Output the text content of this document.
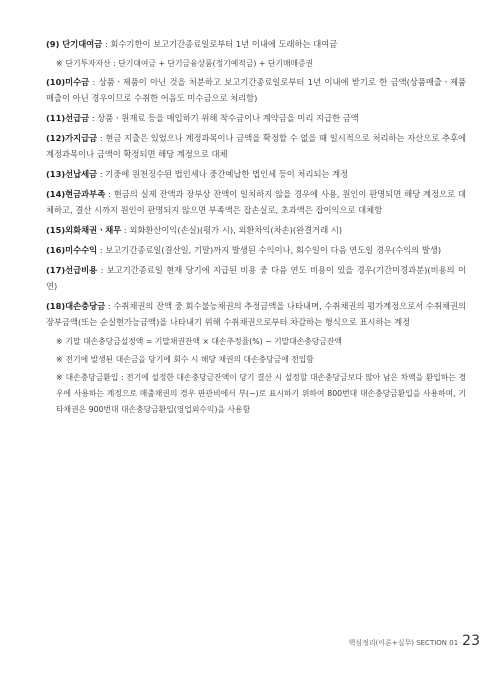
(9) 단기대여금 : 회수기한이 보고기간종료일로부터 1년 이내에 도래하는 대여금
※ 단기투자자산 : 단기대여금 + 단기금융상품(정기예적금) + 단기매매증권
(10)미수금 : 상품ㆍ제품이 아닌 것을 처분하고 보고기간종료일로부터 1년 이내에 받기로 한 금액(상품매출ㆍ제품매출이 아닌 경우이므로 수취한 어음도 미수금으로 처리함)
(11)선급금 : 상품ㆍ원재료 등을 매입하기 위해 착수금이나 계약금을 미리 지급한 금액
(12)가지급금 : 현금 지출은 있었으나 계정과목이나 금액을 확정할 수 없을 때 일시적으로 처리하는 자산으로 추후에 계정과목이나 금액이 확정되면 해당 계정으로 대체
(13)선납세금 : 기중에 원천징수된 법인세나 중간예납한 법인세 등이 처리되는 계정
(14)현금과부족 : 현금의 실제 잔액과 장부상 잔액이 일치하지 않을 경우에 사용, 원인이 판명되면 해당 계정으로 대체하고, 결산 시까지 원인이 판명되지 않으면 부족액은 잡손실로, 초과액은 잡이익으로 대체함
(15)외화채권ㆍ채무 : 외화환산이익(손실)(평가 시), 외환차익(차손)(완결거래 시)
(16)미수수익 : 보고기간종료일(결산일, 기말)까지 발생된 수익이나, 회수일이 다음 연도일 경우(수익의 발생)
(17)선급비용 : 보고기간종료일 현재 당기에 지급된 비용 중 다음 연도 비용이 있을 경우(기간미경과분)(비용의 이연)
(18)대손충당금 : 수취채권의 잔액 중 회수불능채권의 추정금액을 나타내며, 수취채권의 평가계정으로서 수취채권의 장부금액(또는 순실현가능금액)을 나타내기 위해 수취채권으로부터 차감하는 형식으로 표시하는 계정
※ 기말 대손충당금설정액 = 기말채권잔액 × 대손추정율(%) − 기말대손충당금잔액
※ 전기에 발생된 대손금을 당기에 회수 시 해당 채권의 대손충당금에 전입함
※ 대손충당금환입 : 전기에 설정한 대손충당금잔액이 당기 결산 시 설정할 대손충당금보다 많아 남은 차액을 환입하는 경우에 사용하는 계정으로 매출채권의 경우 판관비에서 부(−)로 표시하기 위하여 800번대 대손충당금환입을 사용하며, 기타채권은 900번대 대손충당금환입(영업외수익)을 사용함
핵심정리(이론+실무) SECTION 01 23
